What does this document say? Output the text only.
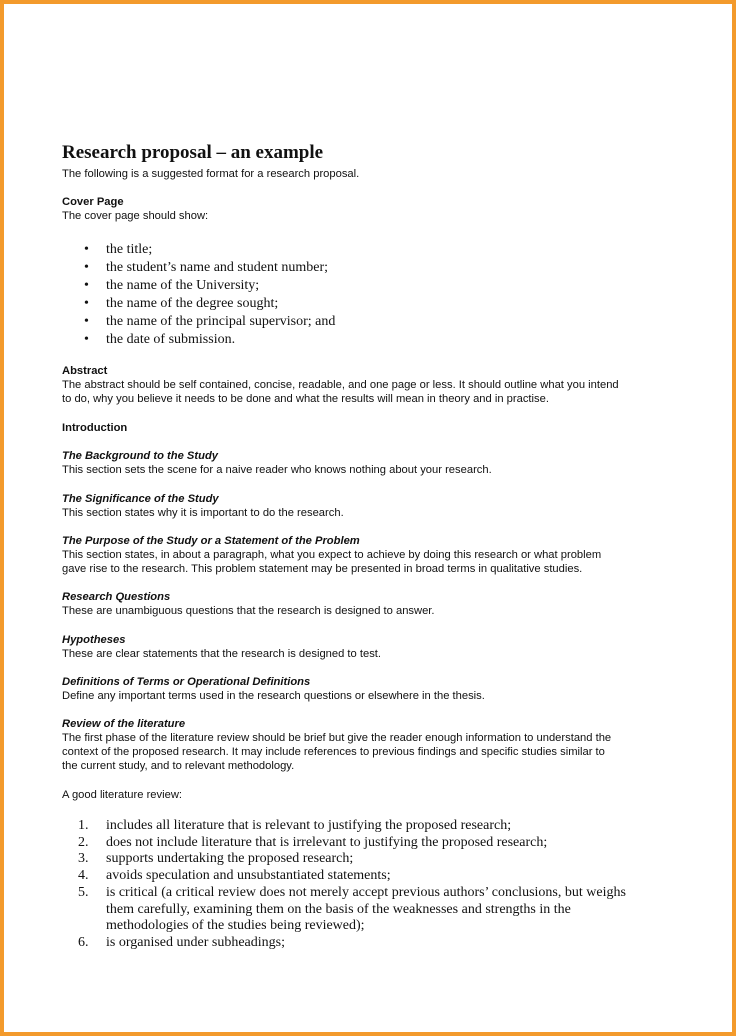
Research proposal – an example
The following is a suggested format for a research proposal.
Cover Page
The cover page should show:
•	the title;
•	the student’s name and student number;
•	the name of the University;
•	the name of the degree sought;
•	the name of the principal supervisor; and
•	the date of submission.
Abstract
The abstract should be self contained, concise, readable, and one page or less. It should outline what you intend
to do, why you believe it needs to be done and what the results will mean in theory and in practise.
Introduction
The Background to the Study
This section sets the scene for a naive reader who knows nothing about your research.
The Significance of the Study
This section states why it is important to do the research.
The Purpose of the Study or a Statement of the Problem
This section states, in about a paragraph, what you expect to achieve by doing this research or what problem
gave rise to the research. This problem statement may be presented in broad terms in qualitative studies.
Research Questions
These are unambiguous questions that the research is designed to answer.
Hypotheses
These are clear statements that the research is designed to test.
Definitions of Terms or Operational Definitions
Define any important terms used in the research questions or elsewhere in the thesis.
Review of the literature
The first phase of the literature review should be brief but give the reader enough information to understand the
context of the proposed research. It may include references to previous findings and specific studies similar to
the current study, and to relevant methodology.
A good literature review:
1.	includes all literature that is relevant to justifying the proposed research;
2.	does not include literature that is irrelevant to justifying the proposed research;
3.	supports undertaking the proposed research;
4.	avoids speculation and unsubstantiated statements;
5.	is critical (a critical review does not merely accept previous authors’ conclusions, but weighs
them carefully, examining them on the basis of the weaknesses and strengths in the
methodologies of the studies being reviewed);
6.	is organised under subheadings;
